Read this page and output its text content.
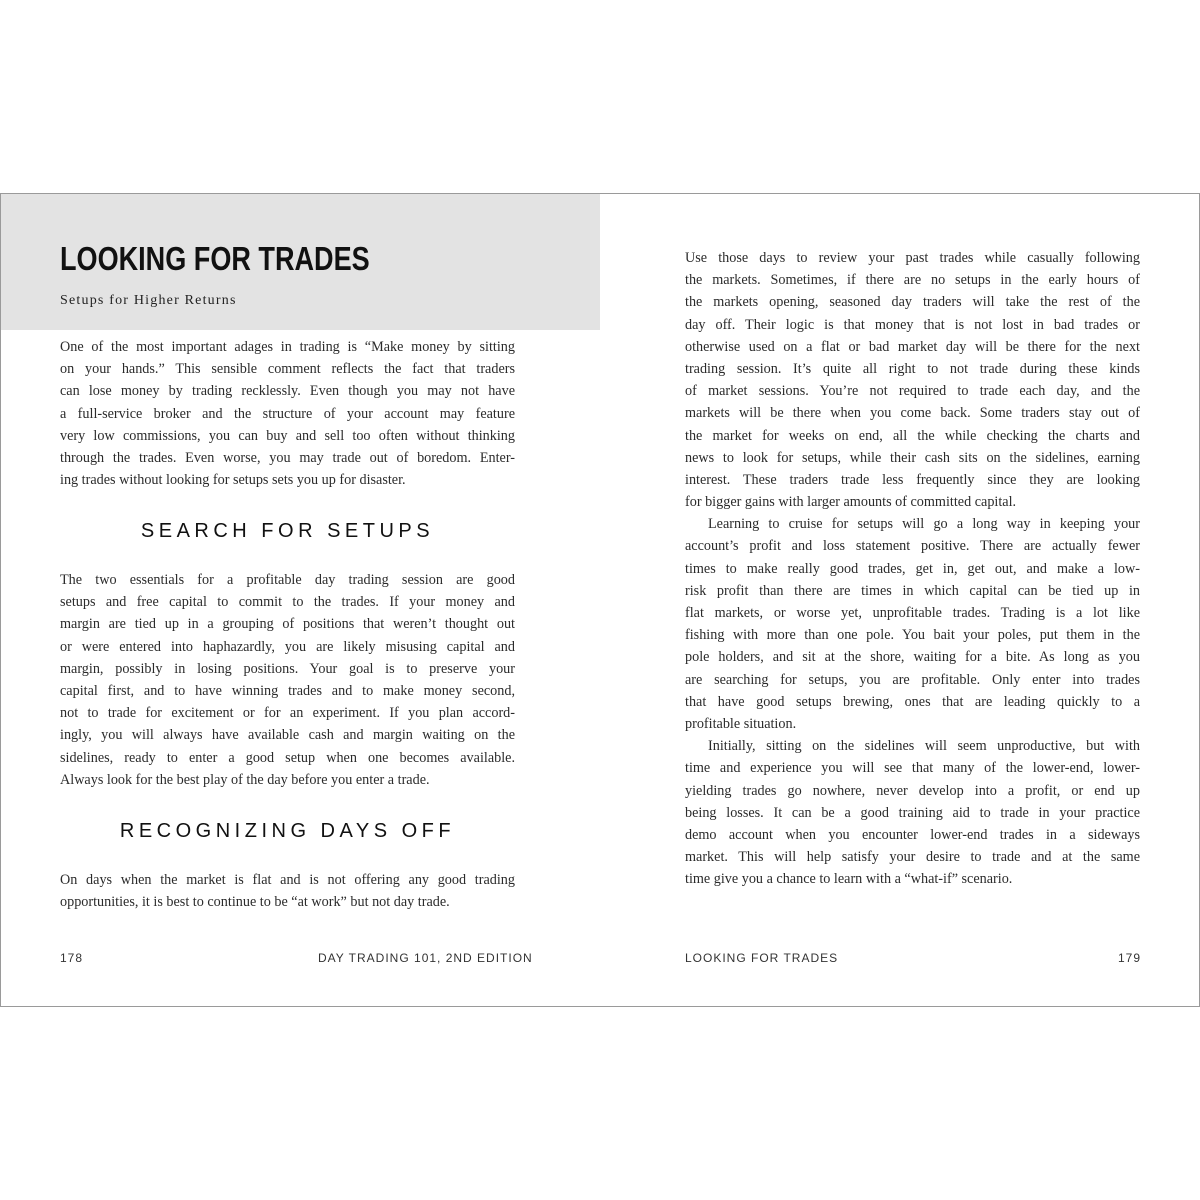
LOOKING FOR TRADES
Setups for Higher Returns
One of the most important adages in trading is “Make money by sitting
on your hands.” This sensible comment reflects the fact that traders
can lose money by trading recklessly. Even though you may not have
a full-service broker and the structure of your account may feature
very low commissions, you can buy and sell too often without thinking
through the trades. Even worse, you may trade out of boredom. Enter-
ing trades without looking for setups sets you up for disaster.
SEARCH FOR SETUPS
The two essentials for a profitable day trading session are good
setups and free capital to commit to the trades. If your money and
margin are tied up in a grouping of positions that weren’t thought out
or were entered into haphazardly, you are likely misusing capital and
margin, possibly in losing positions. Your goal is to preserve your
capital first, and to have winning trades and to make money second,
not to trade for excitement or for an experiment. If you plan accord-
ingly, you will always have available cash and margin waiting on the
sidelines, ready to enter a good setup when one becomes available.
Always look for the best play of the day before you enter a trade.
RECOGNIZING DAYS OFF
On days when the market is flat and is not offering any good trading
opportunities, it is best to continue to be “at work” but not day trade.
178	DAY TRADING 101, 2ND EDITION
Use those days to review your past trades while casually following
the markets. Sometimes, if there are no setups in the early hours of
the markets opening, seasoned day traders will take the rest of the
day off. Their logic is that money that is not lost in bad trades or
otherwise used on a flat or bad market day will be there for the next
trading session. It’s quite all right to not trade during these kinds
of market sessions. You’re not required to trade each day, and the
markets will be there when you come back. Some traders stay out of
the market for weeks on end, all the while checking the charts and
news to look for setups, while their cash sits on the sidelines, earning
interest. These traders trade less frequently since they are looking
for bigger gains with larger amounts of committed capital.
Learning to cruise for setups will go a long way in keeping your
account’s profit and loss statement positive. There are actually fewer
times to make really good trades, get in, get out, and make a low-
risk profit than there are times in which capital can be tied up in
flat markets, or worse yet, unprofitable trades. Trading is a lot like
fishing with more than one pole. You bait your poles, put them in the
pole holders, and sit at the shore, waiting for a bite. As long as you
are searching for setups, you are profitable. Only enter into trades
that have good setups brewing, ones that are leading quickly to a
profitable situation.
Initially, sitting on the sidelines will seem unproductive, but with
time and experience you will see that many of the lower-end, lower-
yielding trades go nowhere, never develop into a profit, or end up
being losses. It can be a good training aid to trade in your practice
demo account when you encounter lower-end trades in a sideways
market. This will help satisfy your desire to trade and at the same
time give you a chance to learn with a “what-if” scenario.
LOOKING FOR TRADES	179
